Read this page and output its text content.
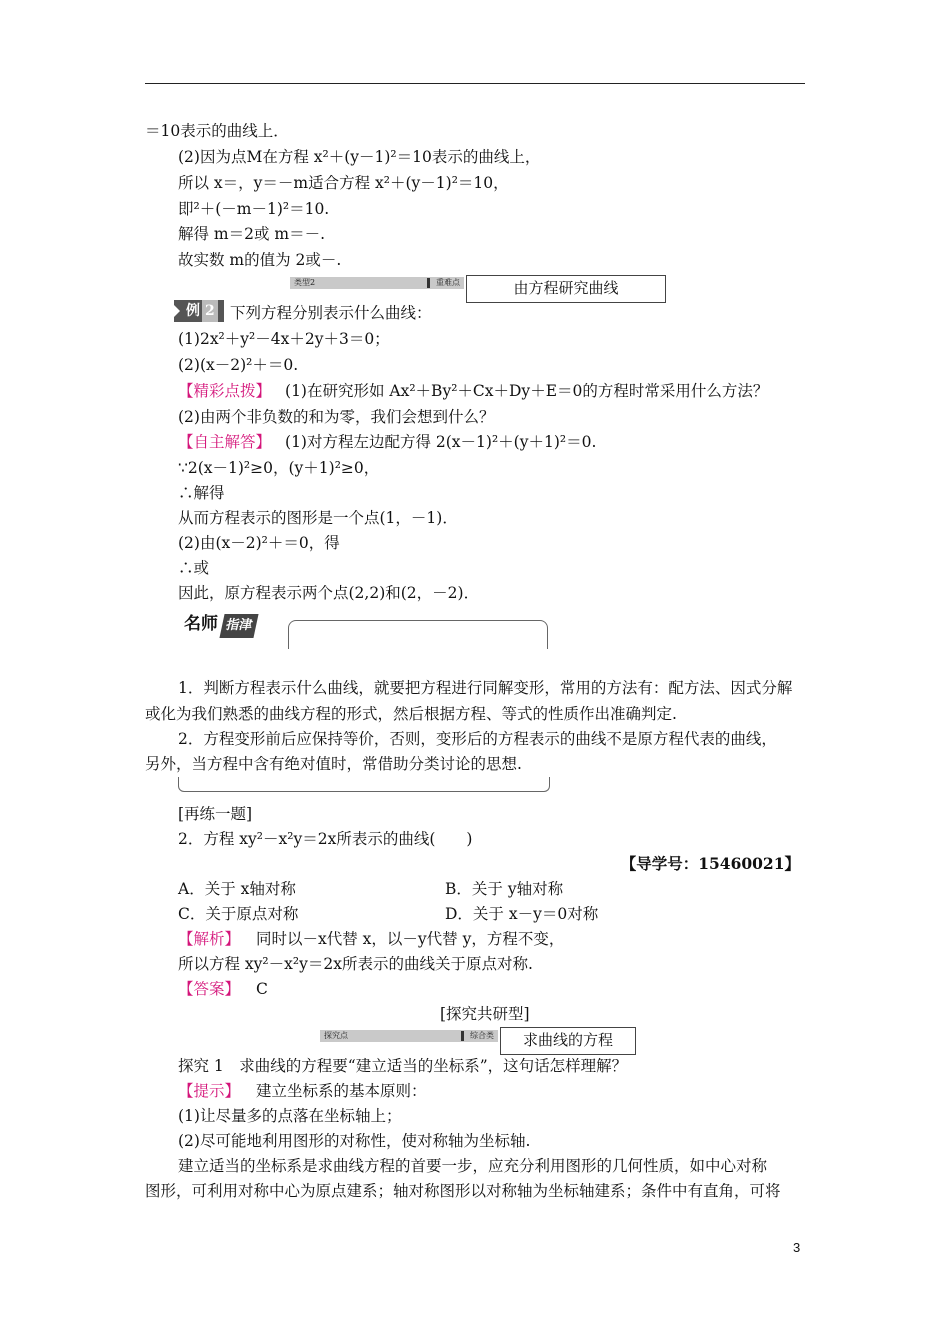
＝10表示的曲线上．
(2)因为点M在方程 x²＋(y－1)²＝10表示的曲线上，
所以 x＝，y＝－m适合方程 x²＋(y－1)²＝10，
即²＋(－m－1)²＝10.
解得 m＝2或 m＝－.
故实数 m的值为 2或－.
类型2	重难点	由方程研究曲线
例 2 下列方程分别表示什么曲线：
(1)2x²＋y²－4x＋2y＋3＝0；
(2)(x－2)²＋＝0.
【精彩点拨】 (1)在研究形如 Ax²＋By²＋Cx＋Dy＋E＝0的方程时常采用什么方法？
(2)由两个非负数的和为零，我们会想到什么？
【自主解答】 (1)对方程左边配方得 2(x－1)²＋(y＋1)²＝0.
∵2(x－1)²≥0，(y＋1)²≥0，
∴解得
从而方程表示的图形是一个点(1，－1)．
(2)由(x－2)²＋＝0，得
∴或
因此，原方程表示两个点(2,2)和(2，－2)．
名师 指津
1．判断方程表示什么曲线，就要把方程进行同解变形，常用的方法有：配方法、因式分解
或化为我们熟悉的曲线方程的形式，然后根据方程、等式的性质作出准确判定.
2．方程变形前后应保持等价，否则，变形后的方程表示的曲线不是原方程代表的曲线，
另外，当方程中含有绝对值时，常借助分类讨论的思想.
[再练一题]
2．方程 xy²－x²y＝2x所表示的曲线(　　)
【导学号：15460021】
A．关于 x轴对称	B．关于 y轴对称
C．关于原点对称	D．关于 x－y＝0对称
【解析】 同时以－x代替 x，以－y代替 y，方程不变，
所以方程 xy²－x²y＝2x所表示的曲线关于原点对称.
【答案】 C
[探究共研型]
探究点	综合类	求曲线的方程
探究 1　求曲线的方程要“建立适当的坐标系”，这句话怎样理解？
【提示】 建立坐标系的基本原则：
(1)让尽量多的点落在坐标轴上；
(2)尽可能地利用图形的对称性，使对称轴为坐标轴.
建立适当的坐标系是求曲线方程的首要一步，应充分利用图形的几何性质，如中心对称
图形，可利用对称中心为原点建系；轴对称图形以对称轴为坐标轴建系；条件中有直角，可将
3
